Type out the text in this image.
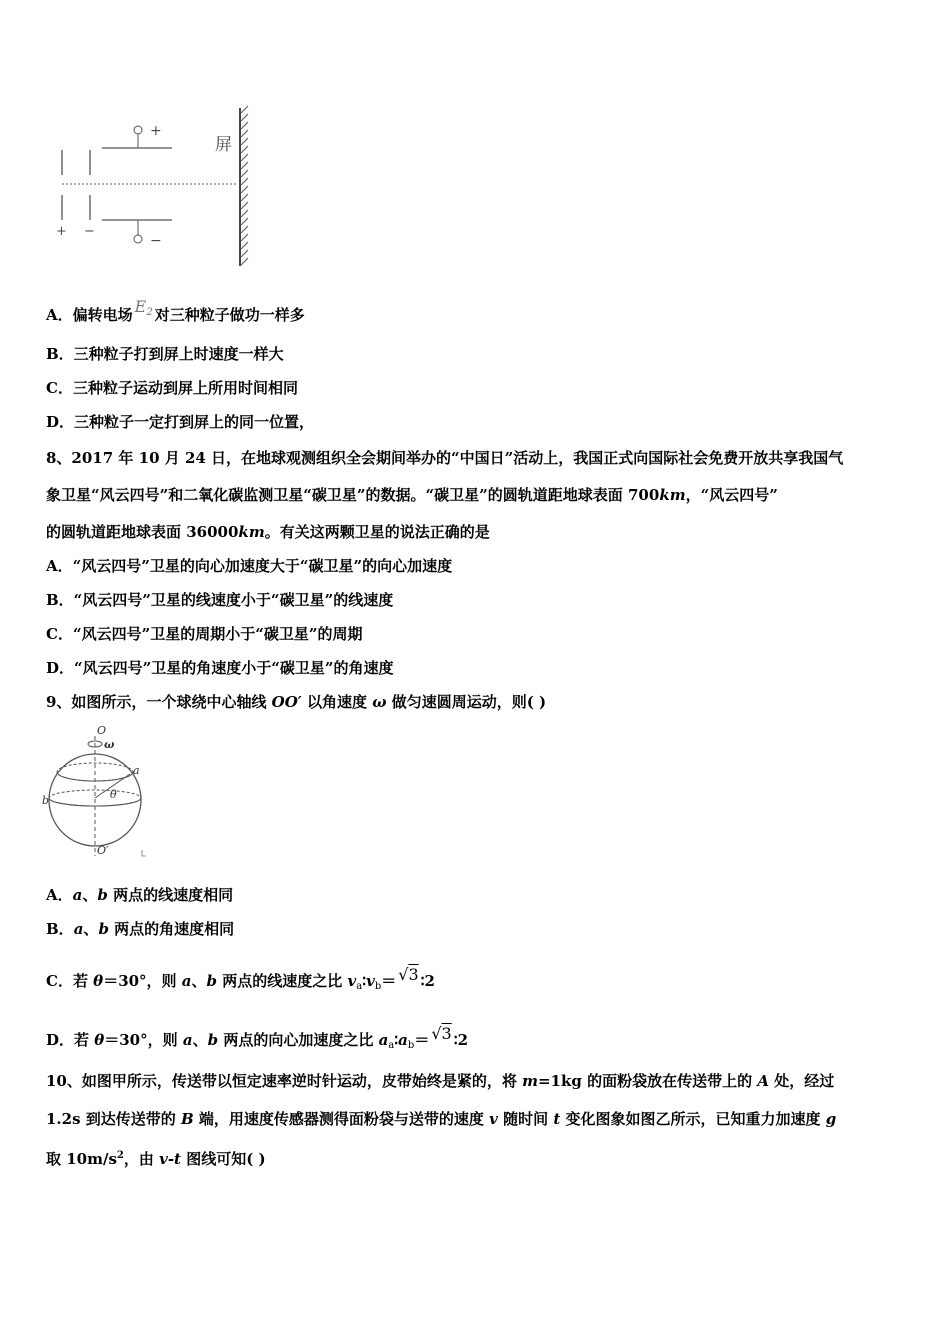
+
−
+ −
屏
A．偏转电场 $E_2$ 对三种粒子做功一样多
B．三种粒子打到屏上时速度一样大
C．三种粒子运动到屏上所用时间相同
D．三种粒子一定打到屏上的同一位置，
8、2017 年 10 月 24 日，在地球观测组织全会期间举办的“中国日”活动上，我国正式向国际社会免费开放共享我国气
象卫星“风云四号”和二氧化碳监测卫星“碳卫星”的数据。“碳卫星”的圆轨道距地球表面 700km，“风云四号”
的圆轨道距地球表面 36000km。有关这两颗卫星的说法正确的是
A．“风云四号”卫星的向心加速度大于“碳卫星”的向心加速度
B．“风云四号”卫星的线速度小于“碳卫星”的线速度
C．“风云四号”卫星的周期小于“碳卫星”的周期
D．“风云四号”卫星的角速度小于“碳卫星”的角速度
9、如图所示，一个球绕中心轴线 OO′ 以角速度 ω 做匀速圆周运动，则( )
O
ω
a
θ
b
O′
A．a、b 两点的线速度相同
B．a、b 两点的角速度相同
C．若 θ＝30°，则 a、b 两点的线速度之比 $v_a∶v_b= √3$ ∶2
D．若 θ＝30°，则 a、b 两点的向心加速度之比 $a_a∶a_b= √3$ ∶2
10、如图甲所示，传送带以恒定速率逆时针运动，皮带始终是紧的，将 m=1kg 的面粉袋放在传送带上的 A 处，经过
1.2s 到达传送带的 B 端，用速度传感器测得面粉袋与送带的速度 v 随时间 t 变化图象如图乙所示，已知重力加速度 g
取 $10m/s^2$，由 v-t 图线可知( )
